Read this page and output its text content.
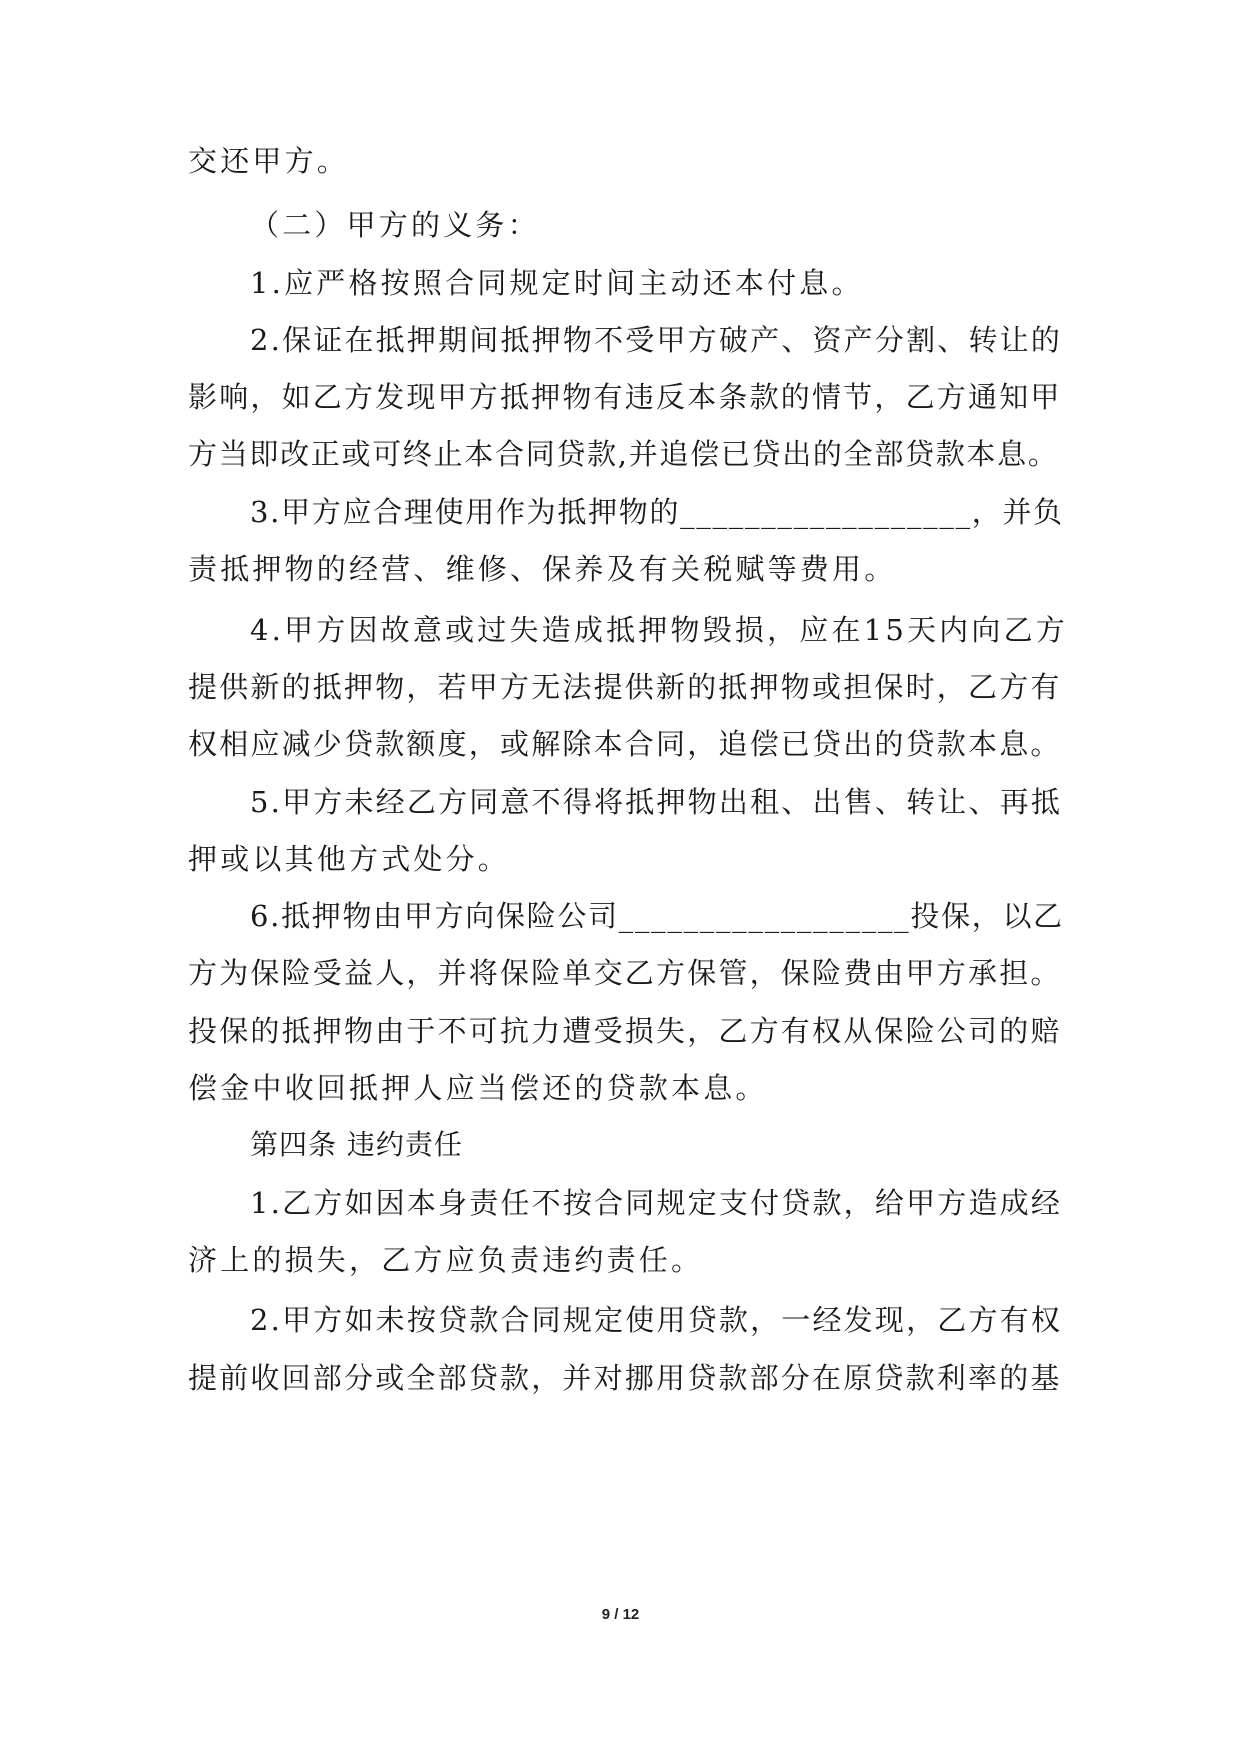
交还甲方。
（二）甲方的义务：
1.应严格按照合同规定时间主动还本付息。
2.保证在抵押期间抵押物不受甲方破产、资产分割、转让的
影响，如乙方发现甲方抵押物有违反本条款的情节，乙方通知甲
方当即改正或可终止本合同贷款,并追偿已贷出的全部贷款本息。
3.甲方应合理使用作为抵押物的__________________，并负
责抵押物的经营、维修、保养及有关税赋等费用。
4.甲方因故意或过失造成抵押物毁损，应在15天内向乙方
提供新的抵押物，若甲方无法提供新的抵押物或担保时，乙方有
权相应减少贷款额度，或解除本合同，追偿已贷出的贷款本息。
5.甲方未经乙方同意不得将抵押物出租、出售、转让、再抵
押或以其他方式处分。
6.抵押物由甲方向保险公司__________________投保，以乙
方为保险受益人，并将保险单交乙方保管，保险费由甲方承担。
投保的抵押物由于不可抗力遭受损失，乙方有权从保险公司的赔
偿金中收回抵押人应当偿还的贷款本息。
第四条 违约责任
1.乙方如因本身责任不按合同规定支付贷款，给甲方造成经
济上的损失，乙方应负责违约责任。
2.甲方如未按贷款合同规定使用贷款，一经发现，乙方有权
提前收回部分或全部贷款，并对挪用贷款部分在原贷款利率的基
9 / 12
